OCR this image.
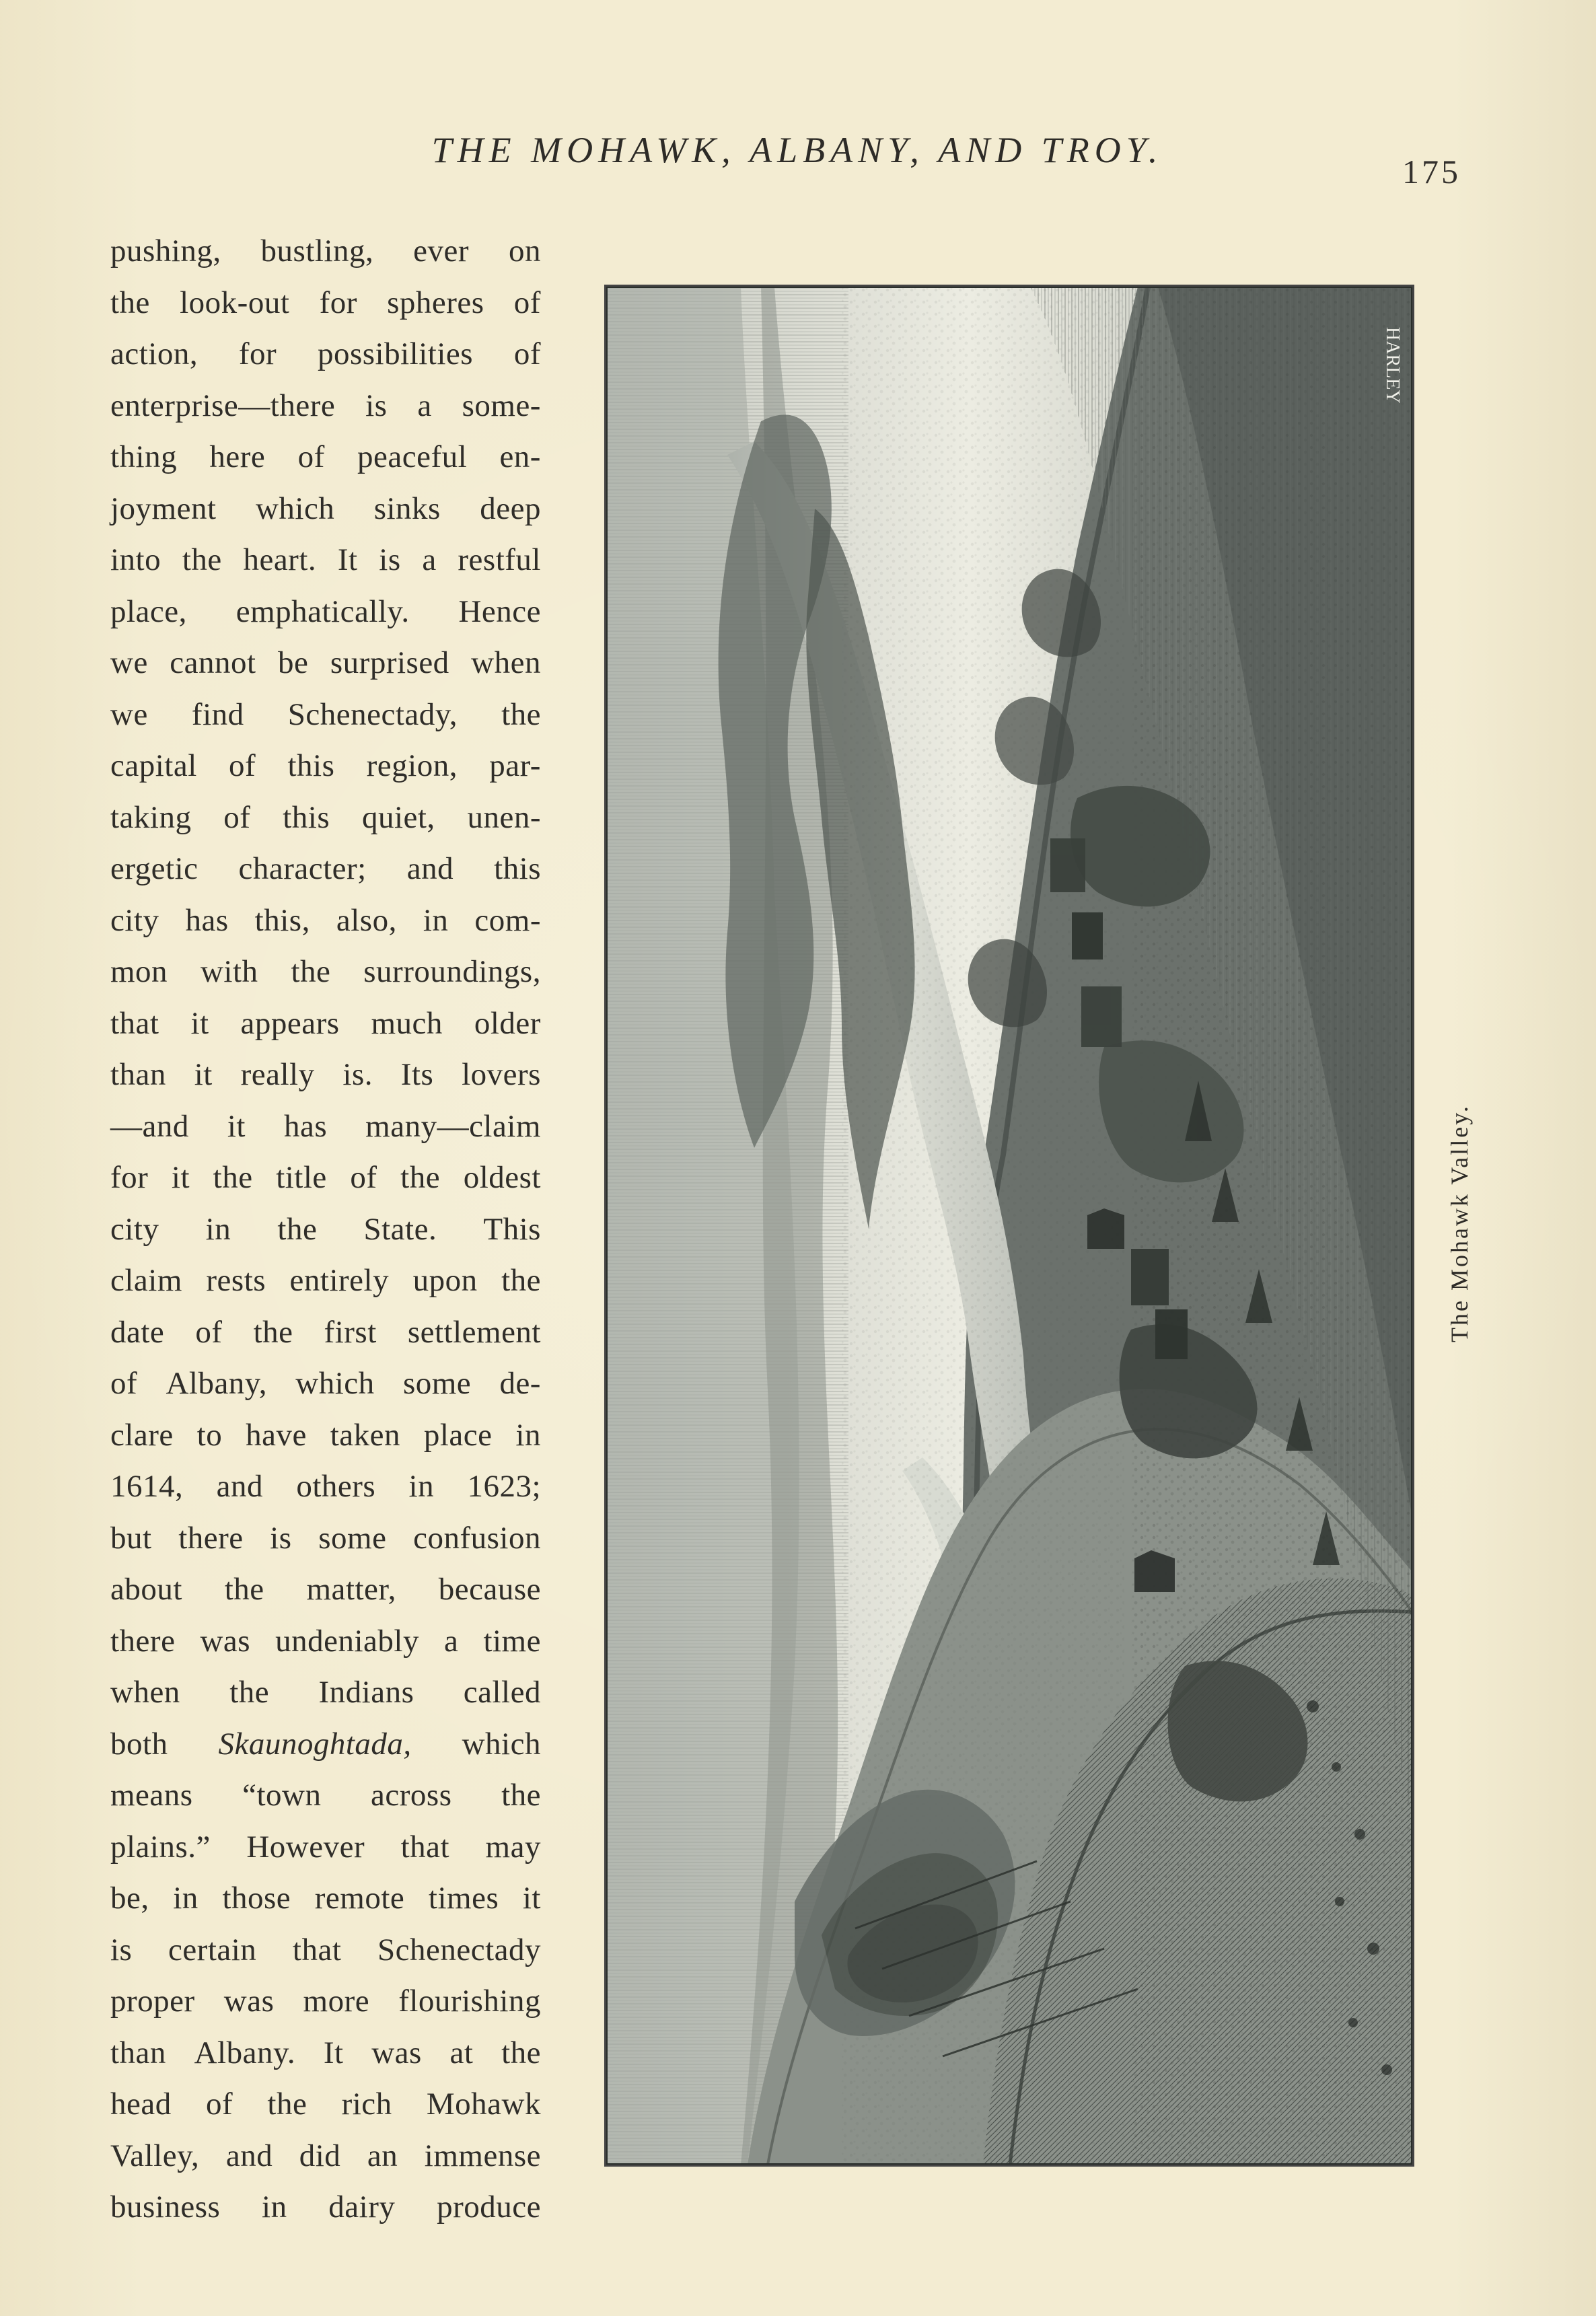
THE MOHAWK, ALBANY, AND TROY.
175
pushing, bustling, ever on
the look-out for spheres of
action, for possibilities of
enterprise—there is a some-
thing here of peaceful en-
joyment which sinks deep
into the heart. It is a restful
place, emphatically. Hence
we cannot be surprised when
we find Schenectady, the
capital of this region, par-
taking of this quiet, unen-
ergetic character; and this
city has this, also, in com-
mon with the surroundings,
that it appears much older
than it really is. Its lovers
—and it has many—claim
for it the title of the oldest
city in the State. This
claim rests entirely upon the
date of the first settlement
of Albany, which some de-
clare to have taken place in
1614, and others in 1623;
but there is some confusion
about the matter, because
there was undeniably a time
when the Indians called
both Skaunoghtada, which
means “town across the
plains.” However that may
be, in those remote times it
is certain that Schenectady
proper was more flourishing
than Albany. It was at the
head of the rich Mohawk
Valley, and did an immense
business in dairy produce
HARLEY
The Mohawk Valley.
